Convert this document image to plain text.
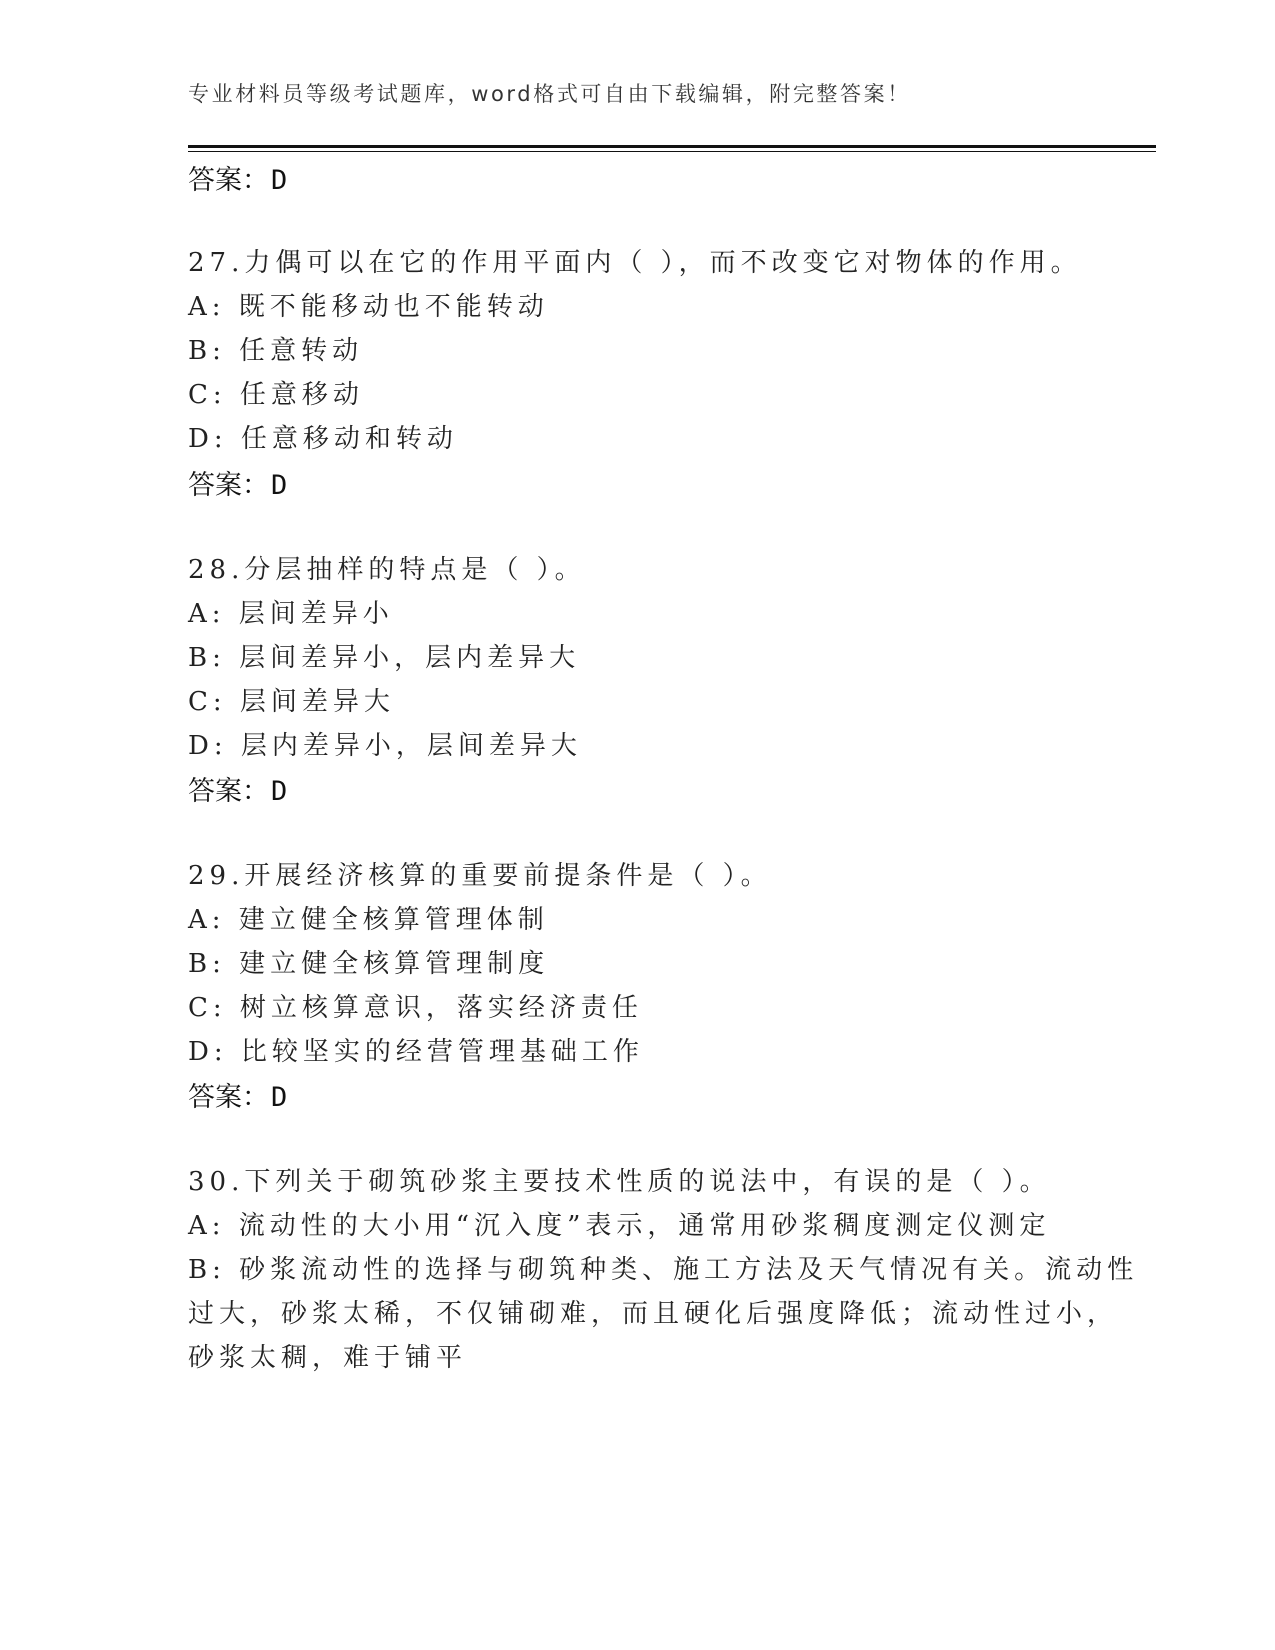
专业材料员等级考试题库，word格式可自由下载编辑，附完整答案！
答案：D
27.力偶可以在它的作用平面内（ ），而不改变它对物体的作用。
A: 既不能移动也不能转动
B: 任意转动
C: 任意移动
D: 任意移动和转动
答案：D
28.分层抽样的特点是（ ）。
A: 层间差异小
B: 层间差异小，层内差异大
C: 层间差异大
D: 层内差异小，层间差异大
答案：D
29.开展经济核算的重要前提条件是（ ）。
A: 建立健全核算管理体制
B: 建立健全核算管理制度
C: 树立核算意识，落实经济责任
D: 比较坚实的经营管理基础工作
答案：D
30.下列关于砌筑砂浆主要技术性质的说法中，有误的是（ ）。
A: 流动性的大小用“沉入度”表示，通常用砂浆稠度测定仪测定
B: 砂浆流动性的选择与砌筑种类、施工方法及天气情况有关。流动性
过大，砂浆太稀，不仅铺砌难，而且硬化后强度降低；流动性过小，
砂浆太稠，难于铺平
